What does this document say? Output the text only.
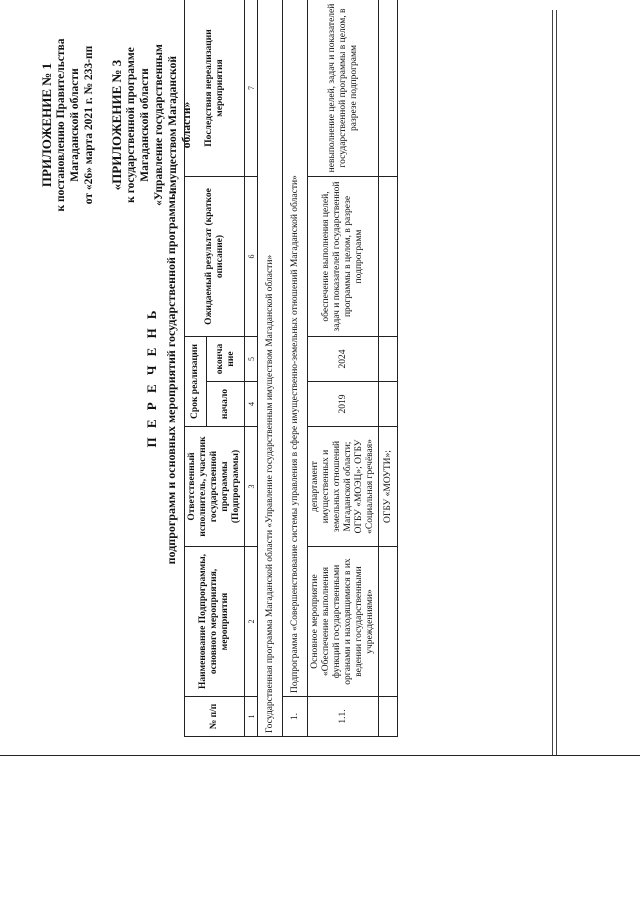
ПРИЛОЖЕНИЕ № 1 к постановлению Правительства Магаданской области от «26» марта 2021 г. № 233-пп «ПРИЛОЖЕНИЕ № 3 к государственной программе Магаданской области «Управление государственным имуществом Магаданской области»
П Е Р Е Ч Е Н Ь подпрограмм и основных мероприятий государственной программы
№ п/п	Наименование Подпрограммы, основного мероприятия, мероприятия	Ответственный исполнитель, участник государственной программы (Подпрограммы)	Срок реализации		Ожидаемый результат (краткое описание)	Последствия нереализации мероприятия
			начало	оконча ние		
1	2	3	4	5	6	7
Государственная программа Магаданской области «Управление государственным имуществом Магаданской области»						
1.	Подпрограмма «Совершенствование системы управления в сфере имущественно-земельных отношений Магаданской области»					
1.1.	Основное мероприятие «Обеспечение выполнения функций государственными органами и находящимися в их ведении государственными учреждениями»	департамент имущественных и земельных отношений Магаданской области; ОГБУ «МОЭЦ»; ОГБУ «Социальная гречёвая»	2019	2024	обеспечение выполнения целей, задач и показателей государственной программы в целом, в разрезе подпрограмм	невыполнение целей, задач и показателей государственной программы в целом, в разрезе подпрограмм
		ОГБУ «МОУТИ»;				
